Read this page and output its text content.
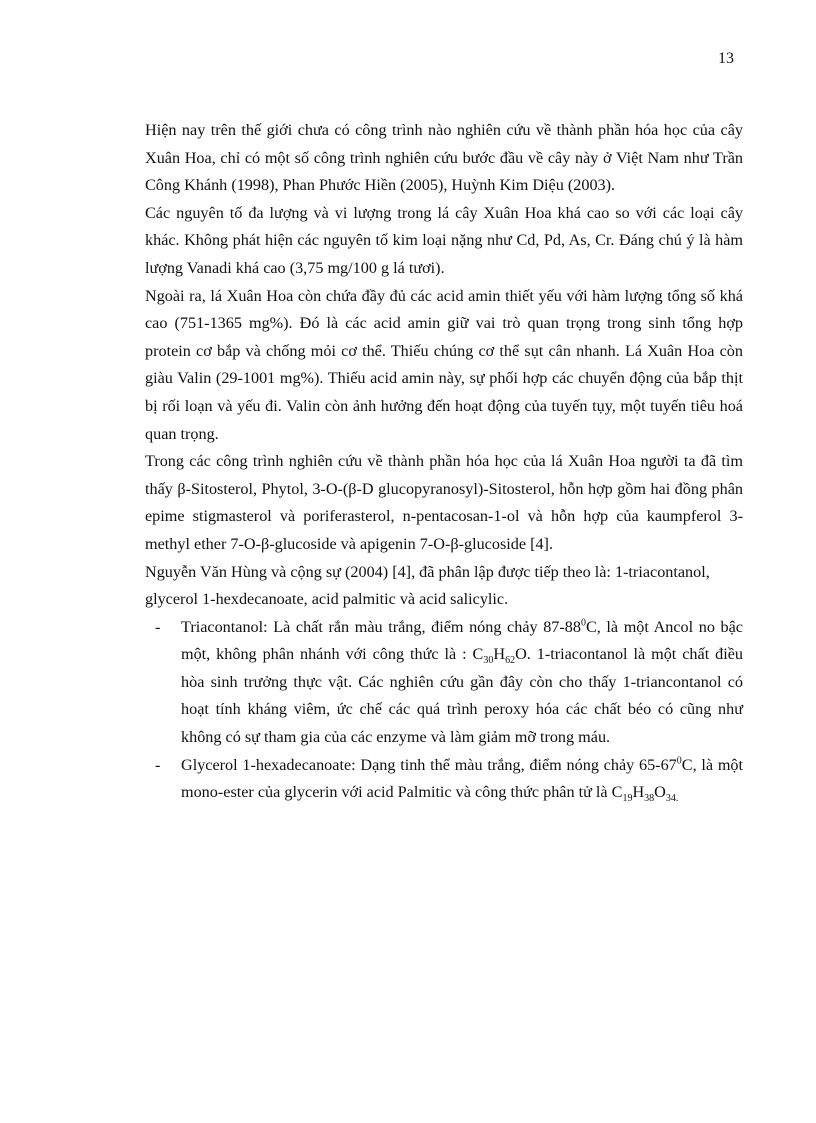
13

Hiện nay trên thế giới chưa có công trình nào nghiên cứu về thành phần hóa học của cây Xuân Hoa, chỉ có một số công trình nghiên cứu bước đầu về cây này ở Việt Nam như Trần Công Khánh (1998), Phan Phước Hiền (2005), Huỳnh Kim Diệu (2003).

Các nguyên tố đa lượng và vi lượng trong lá cây Xuân Hoa khá cao so với các loại cây khác. Không phát hiện các nguyên tố kim loại nặng như Cd, Pd, As, Cr. Đáng chú ý là hàm lượng Vanadi khá cao (3,75 mg/100 g lá tươi).

Ngoài ra, lá Xuân Hoa còn chứa đầy đủ các acid amin thiết yếu với hàm lượng tổng số khá cao (751-1365 mg%). Đó là các acid amin giữ vai trò quan trọng trong sinh tổng hợp protein cơ bắp và chống mỏi cơ thể. Thiếu chúng cơ thể sụt cân nhanh. Lá Xuân Hoa còn giàu Valin (29-1001 mg%). Thiếu acid amin này, sự phối hợp các chuyển động của bắp thịt bị rối loạn và yếu đi. Valin còn ảnh hưởng đến hoạt động của tuyến tụy, một tuyến tiêu hoá quan trọng.

Trong các công trình nghiên cứu về thành phần hóa học của lá Xuân Hoa người ta đã tìm thấy β-Sitosterol, Phytol, 3-O-(β-D glucopyranosyl)-Sitosterol, hỗn hợp gồm hai đồng phân epime stigmasterol và poriferasterol, n-pentacosan-1-ol và hỗn hợp của kaumpferol 3-methyl ether 7-O-β-glucoside và apigenin 7-O-β-glucoside [4].

Nguyễn Văn Hùng và cộng sự (2004) [4], đã phân lập được tiếp theo là: 1-triacontanol, glycerol 1-hexdecanoate, acid palmitic và acid salicylic.

- Triacontanol: Là chất rắn màu trắng, điểm nóng chảy $87-88^0C$, là một Ancol no bậc một, không phân nhánh với công thức là : $C_{30}H_{62}O$. 1-triacontanol là một chất điều hòa sinh trưởng thực vật. Các nghiên cứu gần đây còn cho thấy 1-triancontanol có hoạt tính kháng viêm, ức chế các quá trình peroxy hóa các chất béo có cũng như không có sự tham gia của các enzyme và làm giảm mỡ trong máu.
- Glycerol 1-hexadecanoate: Dạng tinh thể màu trắng, điểm nóng chảy $65-67^0C$, là một mono-ester của glycerin với acid Palmitic và công thức phân tử là $C_{19}H_{38}O_{34.}$
